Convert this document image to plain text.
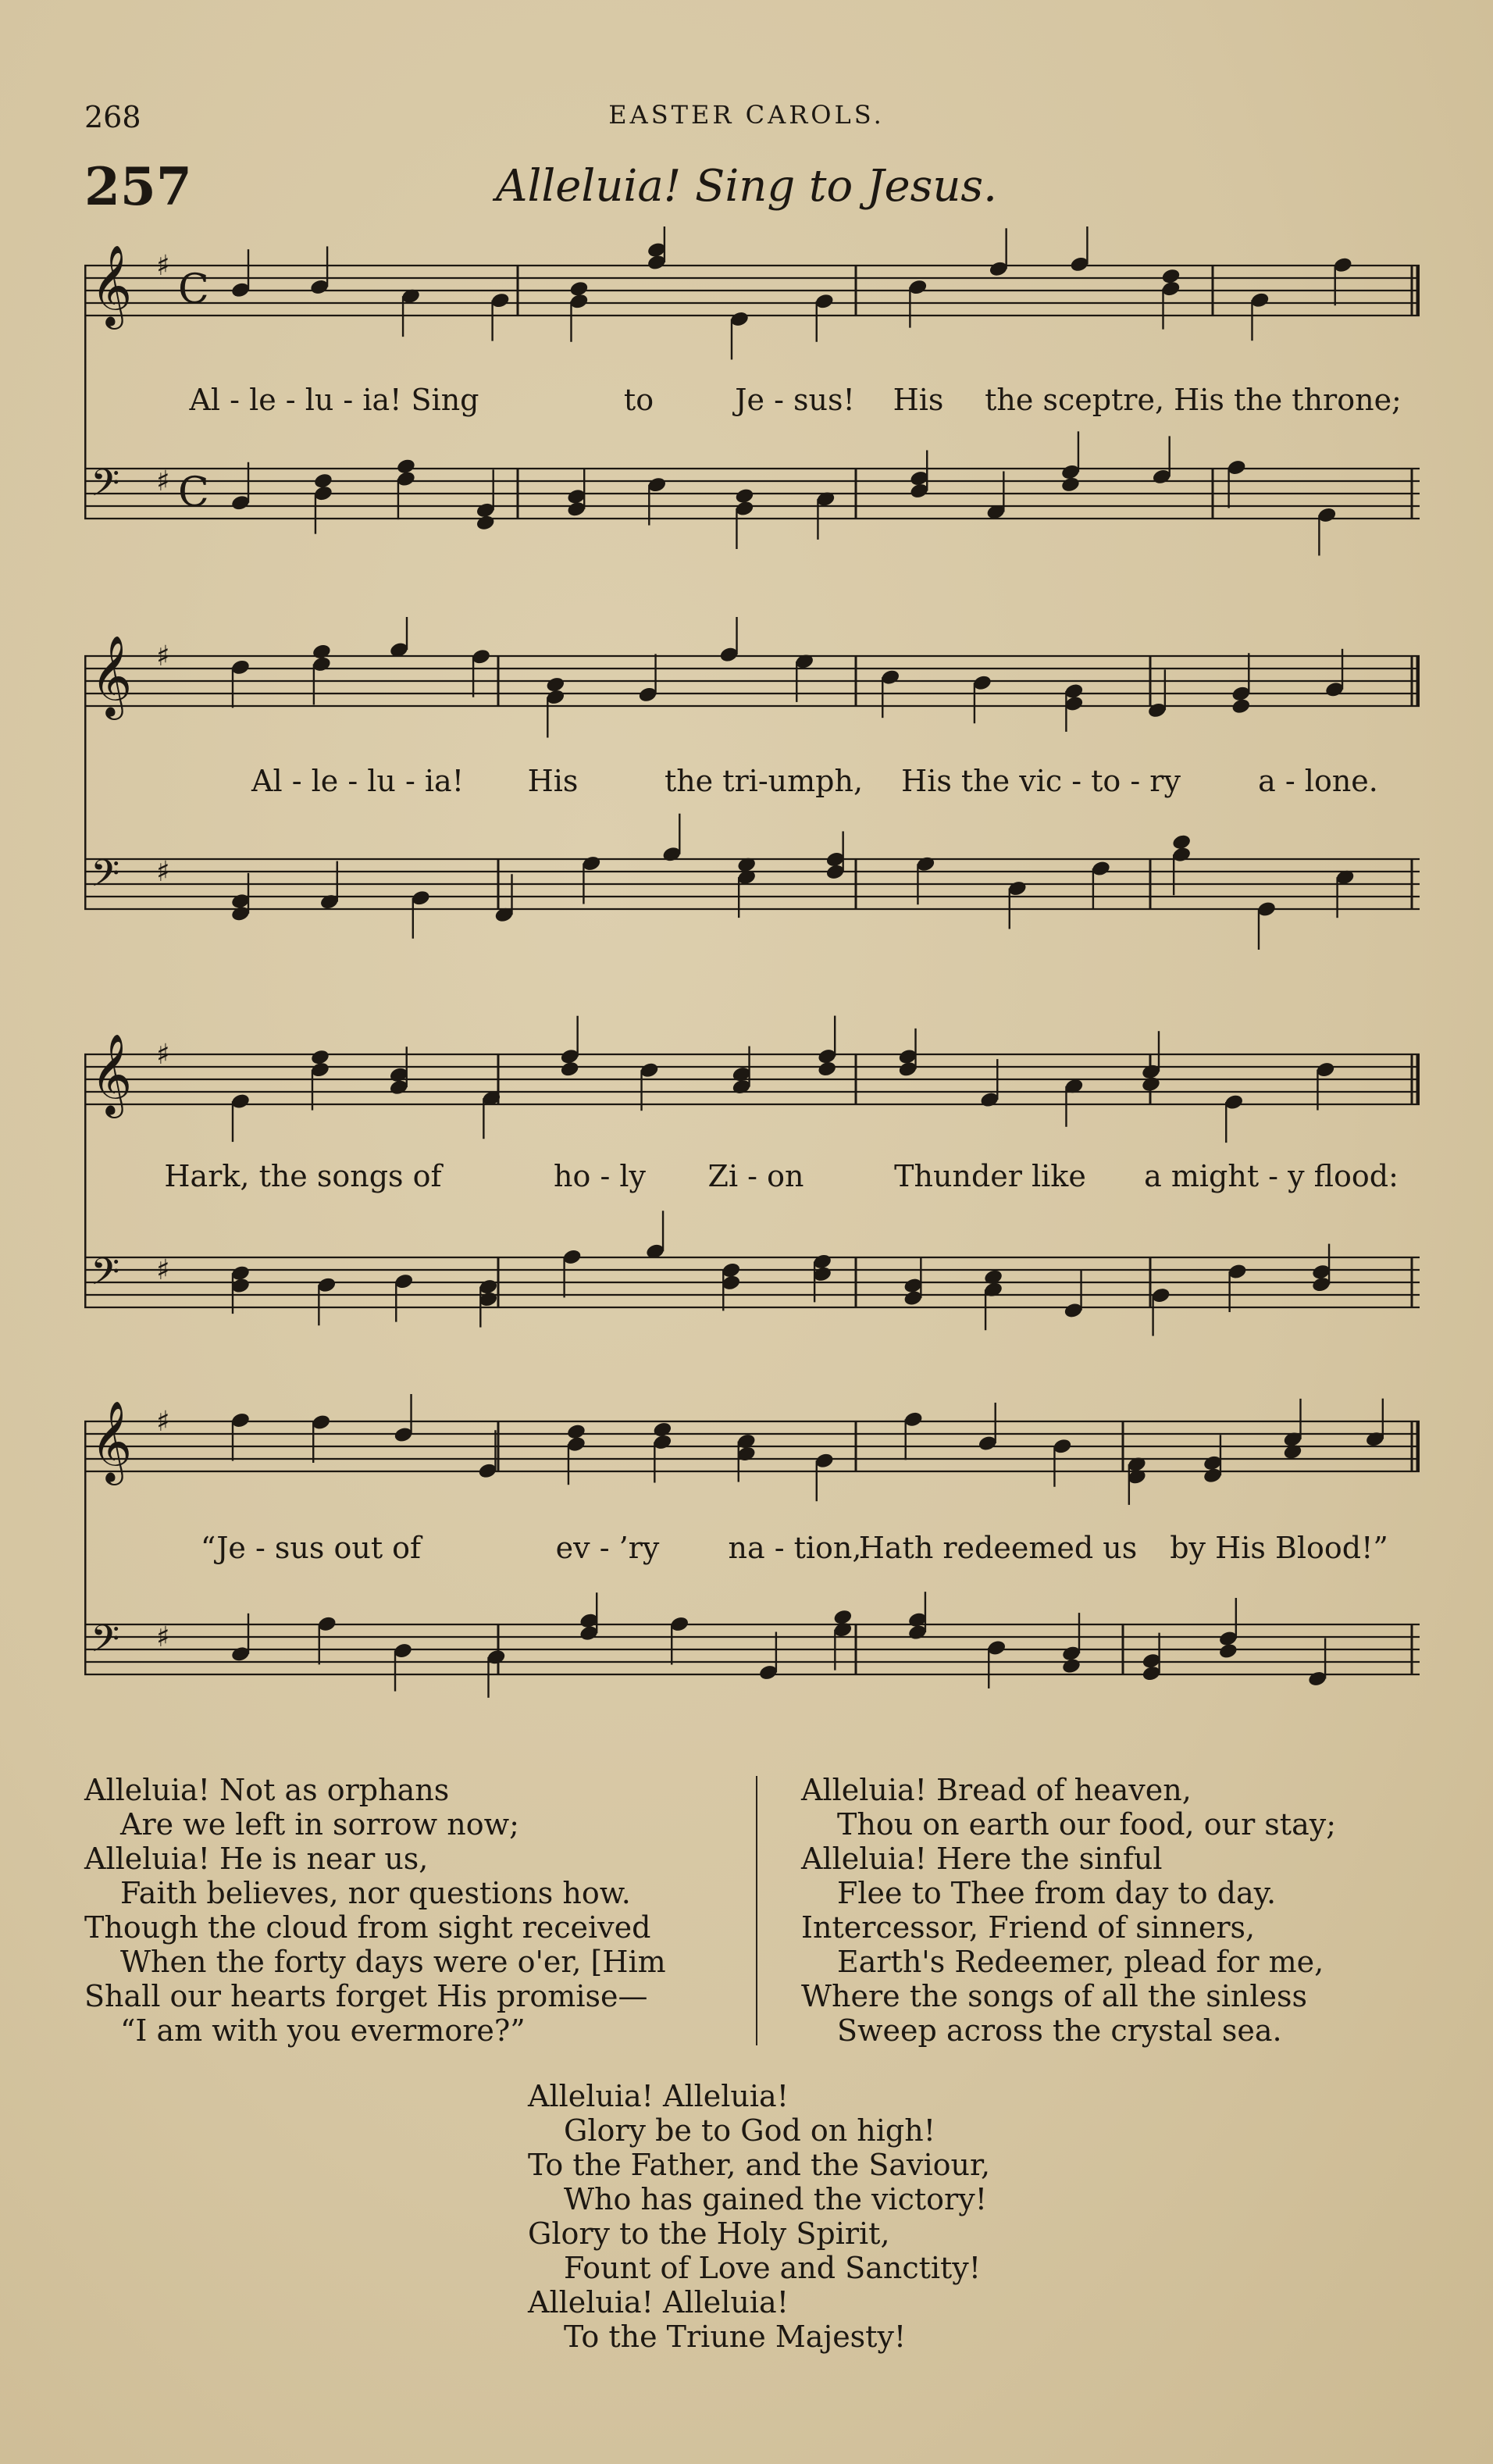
268	EASTER CAROLS.
257	Alleluia! Sing to Jesus.
𝄞 ♯
C
𝄢 ♯ C
Al - le - lu - ia! Sing	to	Je - sus! His the sceptre, His the throne;
𝄞 ♯
𝄢 ♯
Al - le - lu - ia! His	the tri-umph, His the vic - to - ry	a - lone.
𝄞 ♯
𝄢 ♯
Hark, the songs of	ho - ly Zi - on	Thunder like a might - y flood:
𝄞 ♯
𝄢 ♯
“Je - sus out of	ev - ’ry na - tion,
Hath redeemed us by His Blood!”
Alleluia! Not as orphans
Are we left in sorrow now;
Alleluia! He is near us,
Faith believes, nor questions how.
Though the cloud from sight received
When the forty days were o'er, [Him
Shall our hearts forget His promise—
“I am with you evermore?”
Alleluia! Bread of heaven,
Thou on earth our food, our stay;
Alleluia! Here the sinful
Flee to Thee from day to day.
Intercessor, Friend of sinners,
Earth's Redeemer, plead for me,
Where the songs of all the sinless
Sweep across the crystal sea.
Alleluia! Alleluia!
Glory be to God on high!
To the Father, and the Saviour,
Who has gained the victory!
Glory to the Holy Spirit,
Fount of Love and Sanctity!
Alleluia! Alleluia!
To the Triune Majesty!
